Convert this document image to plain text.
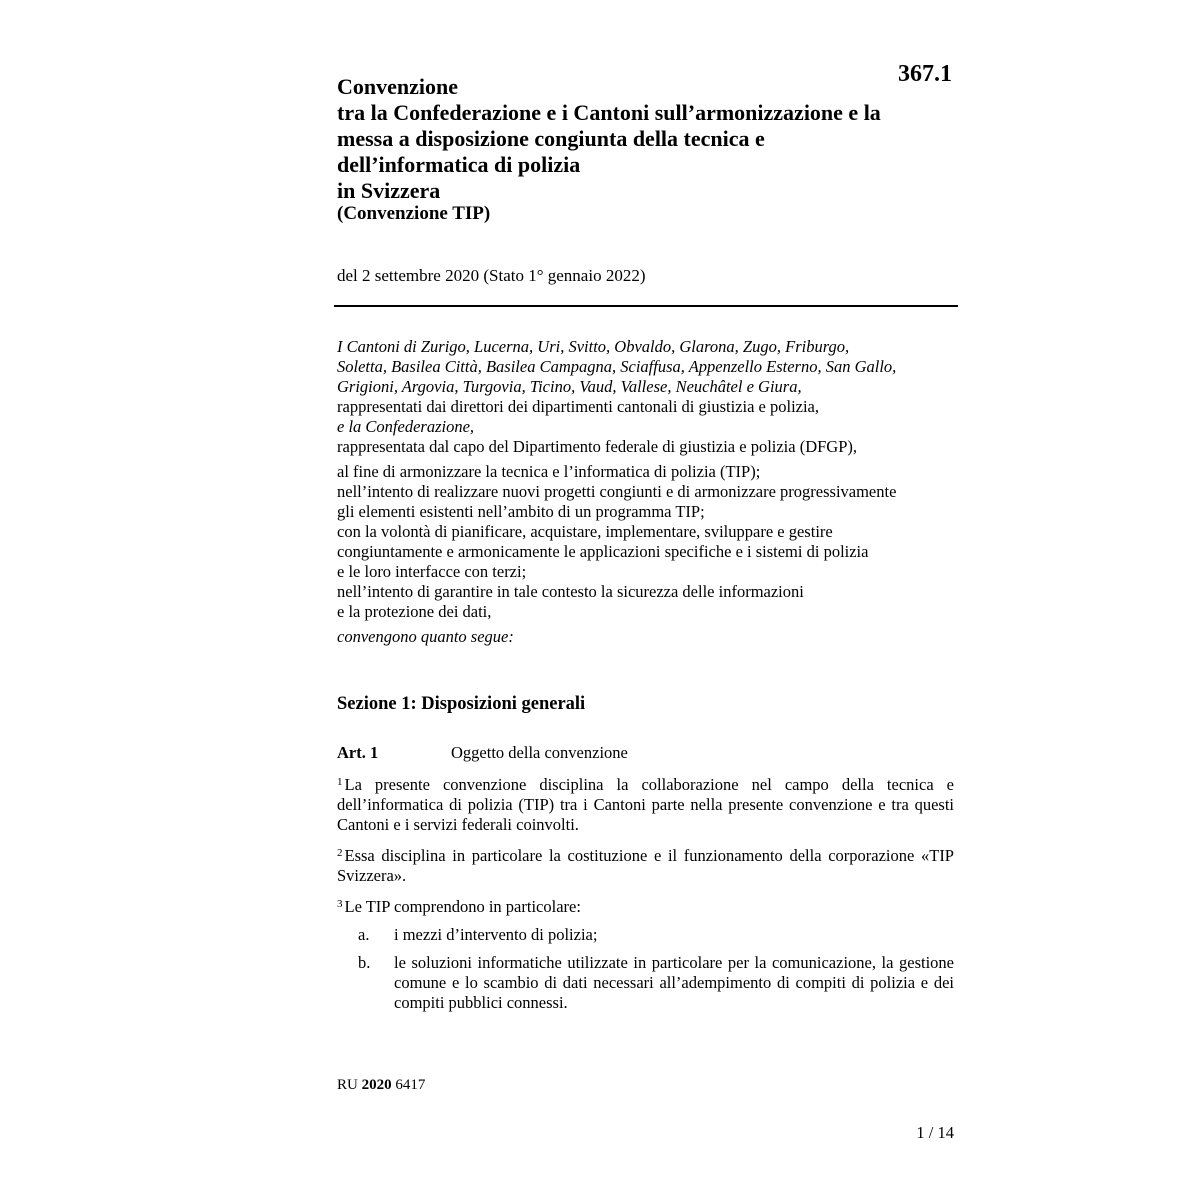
367.1
Convenzione
tra la Confederazione e i Cantoni sull’armonizzazione e la
messa a disposizione congiunta della tecnica e
dell’informatica di polizia
in Svizzera
(Convenzione TIP)
del 2 settembre 2020 (Stato 1° gennaio 2022)
I Cantoni di Zurigo, Lucerna, Uri, Svitto, Obvaldo, Glarona, Zugo, Friburgo,
Soletta, Basilea Città, Basilea Campagna, Sciaffusa, Appenzello Esterno, San Gallo,
Grigioni, Argovia, Turgovia, Ticino, Vaud, Vallese, Neuchâtel e Giura,
rappresentati dai direttori dei dipartimenti cantonali di giustizia e polizia,
e la Confederazione,
rappresentata dal capo del Dipartimento federale di giustizia e polizia (DFGP),
al fine di armonizzare la tecnica e l’informatica di polizia (TIP);
nell’intento di realizzare nuovi progetti congiunti e di armonizzare progressivamente
gli elementi esistenti nell’ambito di un programma TIP;
con la volontà di pianificare, acquistare, implementare, sviluppare e gestire
congiuntamente e armonicamente le applicazioni specifiche e i sistemi di polizia
e le loro interfacce con terzi;
nell’intento di garantire in tale contesto la sicurezza delle informazioni
e la protezione dei dati,
convengono quanto segue:
Sezione 1: Disposizioni generali
Art. 1	Oggetto della convenzione
$^1$ La presente convenzione disciplina la collaborazione nel campo della tecnica e dell’informatica di polizia (TIP) tra i Cantoni parte nella presente convenzione e tra questi Cantoni e i servizi federali coinvolti.
$^2$ Essa disciplina in particolare la costituzione e il funzionamento della corporazione «TIP Svizzera».
$^3$ Le TIP comprendono in particolare:
a.	i mezzi d’intervento di polizia;
b.	le soluzioni informatiche utilizzate in particolare per la comunicazione, la gestione comune e lo scambio di dati necessari all’adempimento di compiti di polizia e dei compiti pubblici connessi.
RU 2020 6417
1 / 14
